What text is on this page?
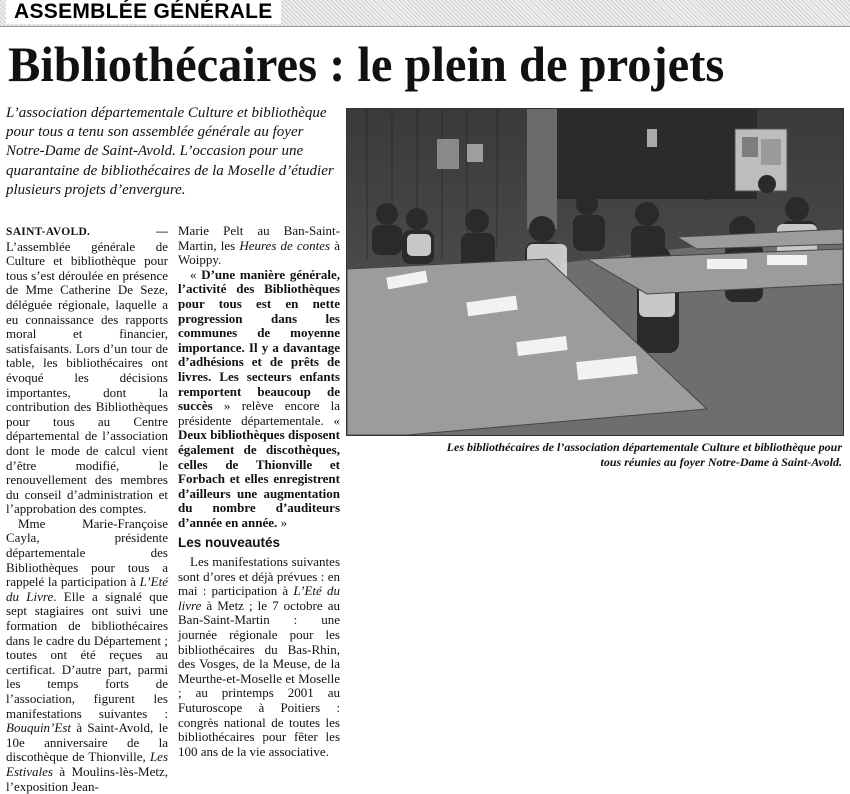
ASSEMBLÉE GÉNÉRALE
Bibliothécaires : le plein de projets

L’association départementale Culture et bibliothèque pour tous a tenu son assemblée générale au foyer Notre-Dame de Saint-Avold. L’occasion pour une quarantaine de bibliothécaires de la Moselle d’étudier plusieurs projets d’envergure.

SAINT-AVOLD. — L’assemblée générale de Culture et bibliothèque pour tous s’est déroulée en présence de Mme Catherine De Seze, déléguée régionale, laquelle a eu connaissance des rapports moral et financier, satisfaisants. Lors d’un tour de table, les bibliothécaires ont évoqué les décisions importantes, dont la contribution des Bibliothèques pour tous au Centre départemental de l’association dont le mode de calcul vient d’être modifié, le renouvellement des membres du conseil d’administration et l’approbation des comptes.

Mme Marie-Françoise Cayla, présidente départementale des Bibliothèques pour tous a rappelé la participation à L’Eté du Livre. Elle a signalé que sept stagiaires ont suivi une formation de bibliothécaires dans le cadre du Département ; toutes ont été reçues au certificat. D’autre part, parmi les temps forts de l’association, figurent les manifestations suivantes : Bouquin’Est à Saint-Avold, le 10e anniversaire de la discothèque de Thionville, Les Estivales à Moulins-lès-Metz, l’exposition Jean-

Marie Pelt au Ban-Saint-Martin, les Heures de contes à Woippy.

« D’une manière générale, l’activité des Bibliothèques pour tous est en nette progression dans les communes de moyenne importance. Il y a davantage d’adhésions et de prêts de livres. Les secteurs enfants remportent beaucoup de succès » relève encore la présidente départementale. « Deux bibliothèques disposent également de discothèques, celles de Thionville et Forbach et elles enregistrent d’ailleurs une augmentation du nombre d’auditeurs d’année en année. »

Les nouveautés

Les manifestations suivantes sont d’ores et déjà prévues : en mai : participation à L’Eté du livre à Metz ; le 7 octobre au Ban-Saint-Martin : une journée régionale pour les bibliothécaires du Bas-Rhin, des Vosges, de la Meuse, de la Meurthe-et-Moselle et Moselle ; au printemps 2001 au Futuroscope à Poitiers : congrès national de toutes les bibliothécaires pour fêter les 100 ans de la vie associative.

Les bibliothécaires de l’association départementale Culture et bibliothèque pour tous réunies au foyer Notre-Dame à Saint-Avold.
